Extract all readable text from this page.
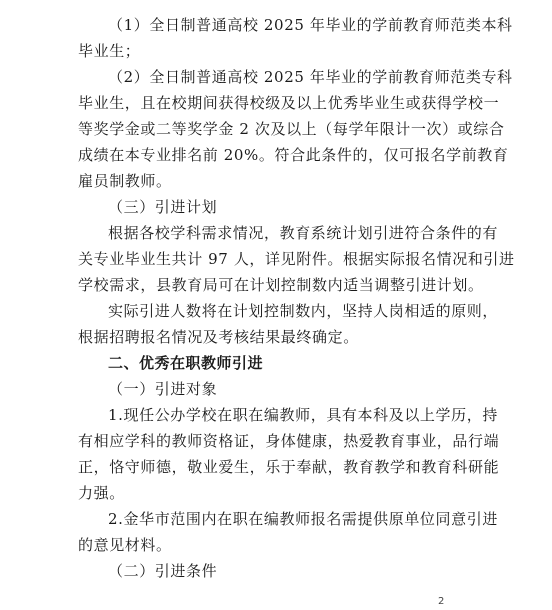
（1）全日制普通高校 2025 年毕业的学前教育师范类本科
毕业生；
（2）全日制普通高校 2025 年毕业的学前教育师范类专科
毕业生，且在校期间获得校级及以上优秀毕业生或获得学校一
等奖学金或二等奖学金 2 次及以上（每学年限计一次）或综合
成绩在本专业排名前 20%。符合此条件的，仅可报名学前教育
雇员制教师。
（三）引进计划
根据各校学科需求情况，教育系统计划引进符合条件的有
关专业毕业生共计 97 人，详见附件。根据实际报名情况和引进
学校需求，县教育局可在计划控制数内适当调整引进计划。
实际引进人数将在计划控制数内，坚持人岗相适的原则，
根据招聘报名情况及考核结果最终确定。
二、优秀在职教师引进
（一）引进对象
1.现任公办学校在职在编教师，具有本科及以上学历，持
有相应学科的教师资格证，身体健康，热爱教育事业，品行端
正，恪守师德，敬业爱生，乐于奉献，教育教学和教育科研能
力强。
2.金华市范围内在职在编教师报名需提供原单位同意引进
的意见材料。
（二）引进条件
2
